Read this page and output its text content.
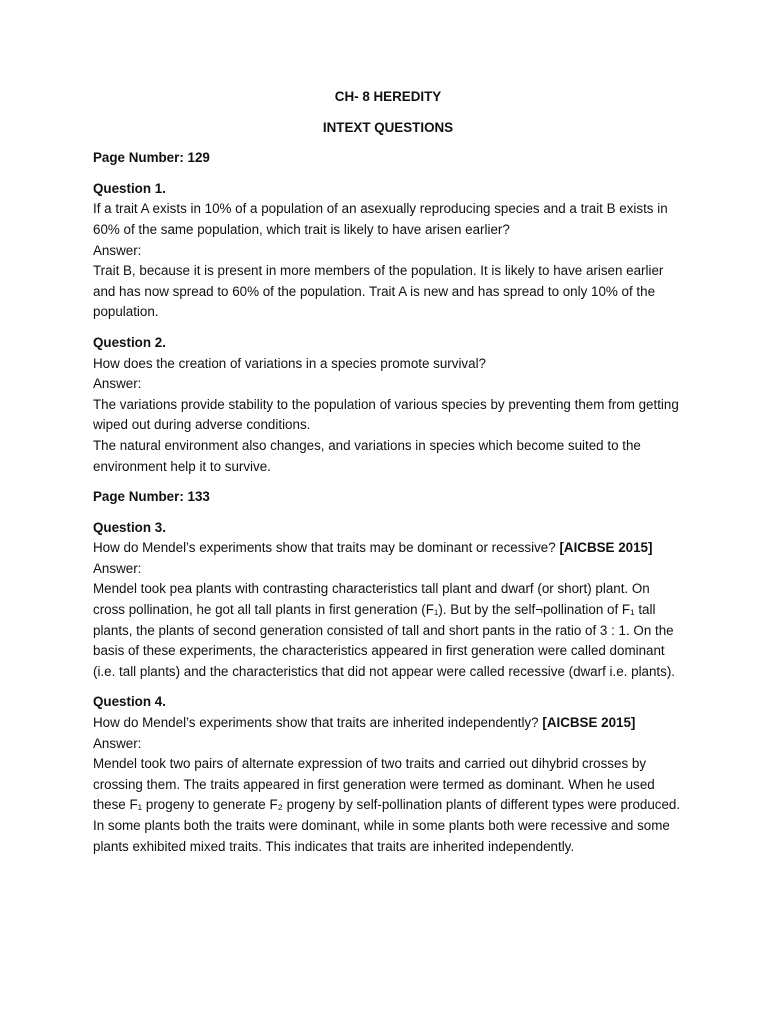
CH- 8 HEREDITY
INTEXT QUESTIONS
Page Number: 129
Question 1.
If a trait A exists in 10% of a population of an asexually reproducing species and a trait B exists in 60% of the same population, which trait is likely to have arisen earlier?
Answer:
Trait B, because it is present in more members of the population. It is likely to have arisen earlier and has now spread to 60% of the population. Trait A is new and has spread to only 10% of the population.
Question 2.
How does the creation of variations in a species promote survival?
Answer:
The variations provide stability to the population of various species by preventing them from getting wiped out during adverse conditions.
The natural environment also changes, and variations in species which become suited to the environment help it to survive.
Page Number: 133
Question 3.
How do Mendel’s experiments show that traits may be dominant or recessive? [AICBSE 2015]
Answer:
Mendel took pea plants with contrasting characteristics tall plant and dwarf (or short) plant. On cross pollination, he got all tall plants in first generation (F₁). But by the self¬pollination of F₁ tall plants, the plants of second generation consisted of tall and short pants in the ratio of 3 : 1. On the basis of these experiments, the characteristics appeared in first generation were called dominant (i.e. tall plants) and the characteristics that did not appear were called recessive (dwarf i.e. plants).
Question 4.
How do Mendel’s experiments show that traits are inherited independently? [AICBSE 2015]
Answer:
Mendel took two pairs of alternate expression of two traits and carried out dihybrid crosses by crossing them. The traits appeared in first generation were termed as dominant. When he used these F₁ progeny to generate F₂ progeny by self-pollination plants of different types were produced. In some plants both the traits were dominant, while in some plants both were recessive and some plants exhibited mixed traits. This indicates that traits are inherited independently.
